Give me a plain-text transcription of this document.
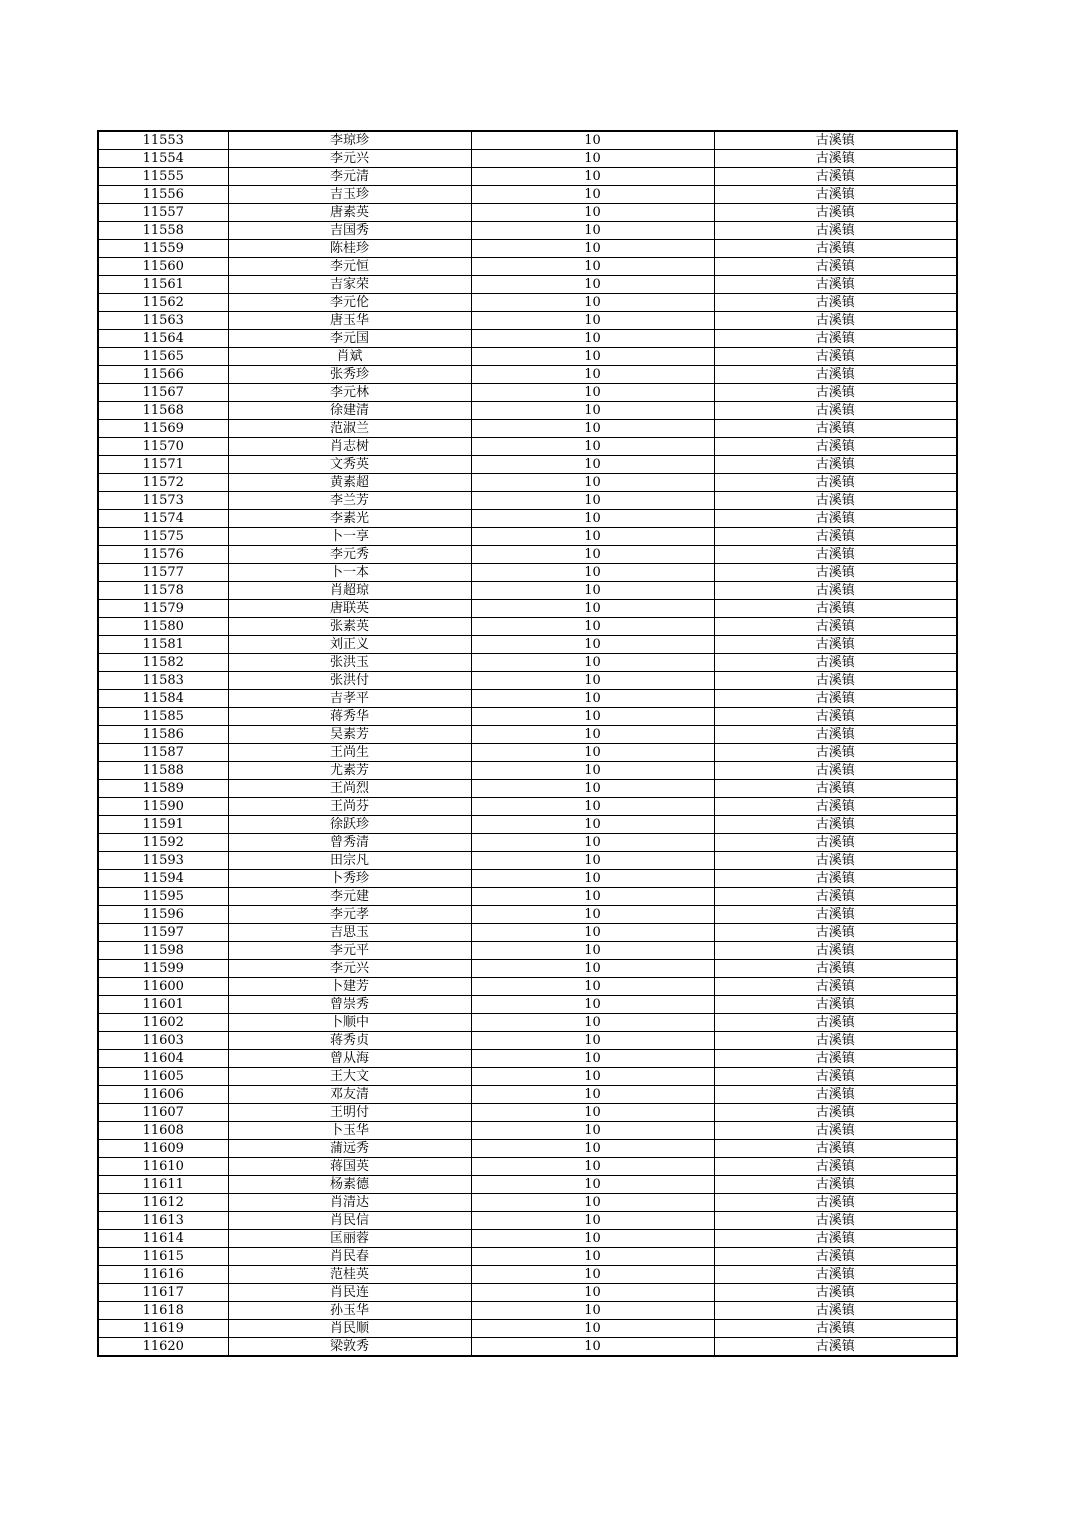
11553	李琼珍	10	古溪镇
11554	李元兴	10	古溪镇
11555	李元清	10	古溪镇
11556	吉玉珍	10	古溪镇
11557	唐素英	10	古溪镇
11558	吉国秀	10	古溪镇
11559	陈桂珍	10	古溪镇
11560	李元恒	10	古溪镇
11561	吉家荣	10	古溪镇
11562	李元伦	10	古溪镇
11563	唐玉华	10	古溪镇
11564	李元国	10	古溪镇
11565	肖斌	10	古溪镇
11566	张秀珍	10	古溪镇
11567	李元林	10	古溪镇
11568	徐建清	10	古溪镇
11569	范淑兰	10	古溪镇
11570	肖志树	10	古溪镇
11571	文秀英	10	古溪镇
11572	黄素超	10	古溪镇
11573	李兰芳	10	古溪镇
11574	李素光	10	古溪镇
11575	卜一享	10	古溪镇
11576	李元秀	10	古溪镇
11577	卜一本	10	古溪镇
11578	肖超琼	10	古溪镇
11579	唐联英	10	古溪镇
11580	张素英	10	古溪镇
11581	刘正义	10	古溪镇
11582	张洪玉	10	古溪镇
11583	张洪付	10	古溪镇
11584	吉孝平	10	古溪镇
11585	蒋秀华	10	古溪镇
11586	吴素芳	10	古溪镇
11587	王尚生	10	古溪镇
11588	尤素芳	10	古溪镇
11589	王尚烈	10	古溪镇
11590	王尚芬	10	古溪镇
11591	徐跃珍	10	古溪镇
11592	曾秀清	10	古溪镇
11593	田宗凡	10	古溪镇
11594	卜秀珍	10	古溪镇
11595	李元建	10	古溪镇
11596	李元孝	10	古溪镇
11597	吉思玉	10	古溪镇
11598	李元平	10	古溪镇
11599	李元兴	10	古溪镇
11600	卜建芳	10	古溪镇
11601	曾崇秀	10	古溪镇
11602	卜顺中	10	古溪镇
11603	蒋秀贞	10	古溪镇
11604	曾从海	10	古溪镇
11605	王大文	10	古溪镇
11606	邓友清	10	古溪镇
11607	王明付	10	古溪镇
11608	卜玉华	10	古溪镇
11609	蒲远秀	10	古溪镇
11610	蒋国英	10	古溪镇
11611	杨素德	10	古溪镇
11612	肖清达	10	古溪镇
11613	肖民信	10	古溪镇
11614	匡丽蓉	10	古溪镇
11615	肖民春	10	古溪镇
11616	范桂英	10	古溪镇
11617	肖民连	10	古溪镇
11618	孙玉华	10	古溪镇
11619	肖民顺	10	古溪镇
11620	梁敦秀	10	古溪镇
